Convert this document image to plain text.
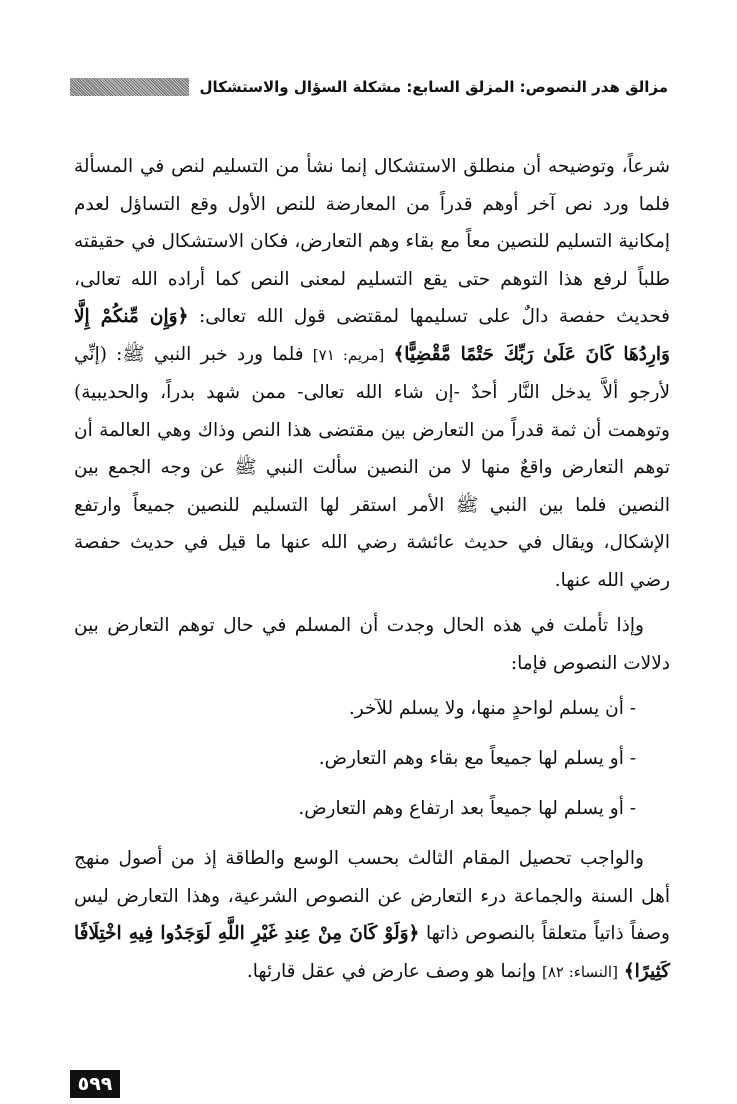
مزالق هدر النصوص: المزلق السابع: مشكلة السؤال والاستشكال

شرعاً، وتوضيحه أن منطلق الاستشكال إنما نشأ من التسليم لنص في المسألة فلما ورد نص آخر أوهم قدراً من المعارضة للنص الأول وقع التساؤل لعدم إمكانية التسليم للنصين معاً مع بقاء وهم التعارض، فكان الاستشكال في حقيقته طلباً لرفع هذا التوهم حتى يقع التسليم لمعنى النص كما أراده الله تعالى، فحديث حفصة دالٌ على تسليمها لمقتضى قول الله تعالى: ﴿وَإِن مِّنكُمْ إِلَّا وَارِدُهَا كَانَ عَلَىٰ رَبِّكَ حَتْمًا مَّقْضِيًّا﴾ [مريم: ٧١] فلما ورد خبر النبي ﷺ: (إنِّي لأرجو ألاَّ يدخل النَّار أحدٌ -إن شاء الله تعالى- ممن شهد بدراً، والحديبية) وتوهمت أن ثمة قدراً من التعارض بين مقتضى هذا النص وذاك وهي العالمة أن توهم التعارض واقعٌ منها لا من النصين سألت النبي ﷺ عن وجه الجمع بين النصين فلما بين النبي ﷺ الأمر استقر لها التسليم للنصين جميعاً وارتفع الإشكال، ويقال في حديث عائشة رضي الله عنها ما قيل في حديث حفصة رضي الله عنها.

وإذا تأملت في هذه الحال وجدت أن المسلم في حال توهم التعارض بين دلالات النصوص فإما:

- أن يسلم لواحدٍ منها، ولا يسلم للآخر.
- أو يسلم لها جميعاً مع بقاء وهم التعارض.
- أو يسلم لها جميعاً بعد ارتفاع وهم التعارض.

والواجب تحصيل المقام الثالث بحسب الوسع والطاقة إذ من أصول منهج أهل السنة والجماعة درء التعارض عن النصوص الشرعية، وهذا التعارض ليس وصفاً ذاتياً متعلقاً بالنصوص ذاتها ﴿وَلَوْ كَانَ مِنْ عِندِ غَيْرِ اللَّهِ لَوَجَدُوا فِيهِ اخْتِلَافًا كَثِيرًا﴾ [النساء: ٨٢] وإنما هو وصف عارض في عقل قارئها.

٥٩٩
